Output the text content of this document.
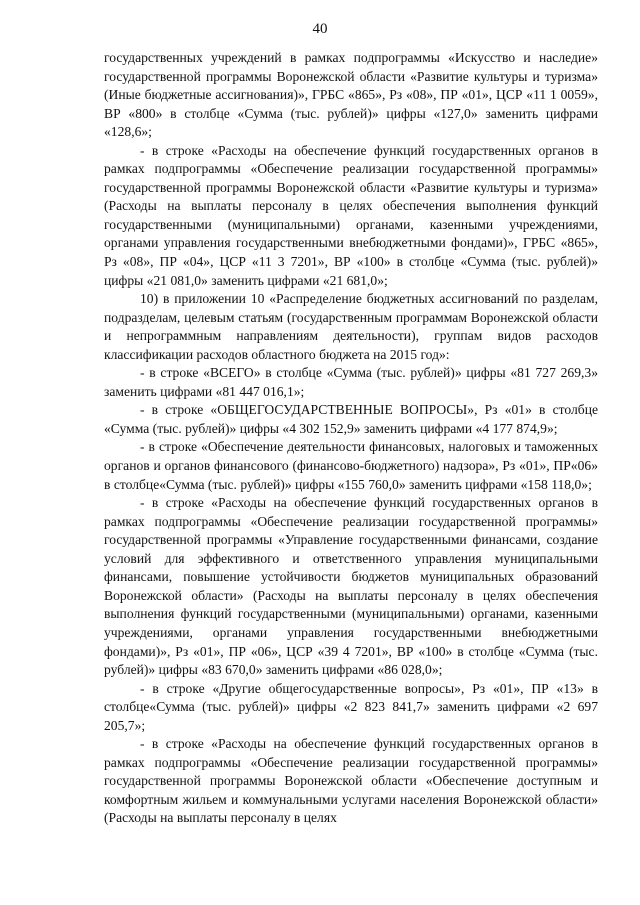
40

государственных учреждений в рамках подпрограммы «Искусство и наследие» государственной программы Воронежской области «Развитие культуры и туризма» (Иные бюджетные ассигнования)», ГРБС «865», Рз «08», ПР «01», ЦСР «11 1 0059», ВР «800» в столбце «Сумма (тыс. рублей)» цифры «127,0» заменить цифрами «128,6»;

- в строке «Расходы на обеспечение функций государственных органов в рамках подпрограммы «Обеспечение реализации государственной программы» государственной программы Воронежской области «Развитие культуры и туризма» (Расходы на выплаты персоналу в целях обеспечения выполнения функций государственными (муниципальными) органами, казенными учреждениями, органами управления государственными внебюджетными фондами)», ГРБС «865», Рз «08», ПР «04», ЦСР «11 3 7201», ВР «100» в столбце «Сумма (тыс. рублей)» цифры «21 081,0» заменить цифрами «21 681,0»;

10) в приложении 10 «Распределение бюджетных ассигнований по разделам, подразделам, целевым статьям (государственным программам Воронежской области и непрограммным направлениям деятельности), группам видов расходов классификации расходов областного бюджета на 2015 год»:

- в строке «ВСЕГО» в столбце «Сумма (тыс. рублей)» цифры «81 727 269,3» заменить цифрами «81 447 016,1»;

- в строке «ОБЩЕГОСУДАРСТВЕННЫЕ ВОПРОСЫ», Рз «01» в столбце «Сумма (тыс. рублей)» цифры «4 302 152,9» заменить цифрами «4 177 874,9»;

- в строке «Обеспечение деятельности финансовых, налоговых и таможенных органов и органов финансового (финансово-бюджетного) надзора», Рз «01», ПР«06» в столбце«Сумма (тыс. рублей)» цифры «155 760,0» заменить цифрами «158 118,0»;

- в строке «Расходы на обеспечение функций государственных органов в рамках подпрограммы «Обеспечение реализации государственной программы» государственной программы «Управление государственными финансами, создание условий для эффективного и ответственного управления муниципальными финансами, повышение устойчивости бюджетов муниципальных образований Воронежской области» (Расходы на выплаты персоналу в целях обеспечения выполнения функций государственными (муниципальными) органами, казенными учреждениями, органами управления государственными внебюджетными фондами)», Рз «01», ПР «06», ЦСР «39 4 7201», ВР «100» в столбце «Сумма (тыс. рублей)» цифры «83 670,0» заменить цифрами «86 028,0»;

- в строке «Другие общегосударственные вопросы», Рз «01», ПР «13» в столбце«Сумма (тыс. рублей)» цифры «2 823 841,7» заменить цифрами «2 697 205,7»;

- в строке «Расходы на обеспечение функций государственных органов в рамках подпрограммы «Обеспечение реализации государственной программы» государственной программы Воронежской области «Обеспечение доступным и комфортным жильем и коммунальными услугами населения Воронежской области» (Расходы на выплаты персоналу в целях
